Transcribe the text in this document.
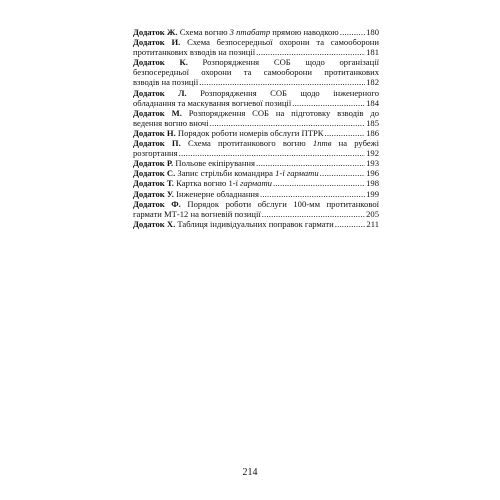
Додаток Ж. Схема вогню 3 птабатр прямою наводкою .....	180
Додаток И. Схема безпосередньої охорони та самооборони
протитанкових взводів на позиції .....	181
Додаток К. Розпорядження СОБ щодо організації
безпосередньої охорони та самооборони протитанкових
взводів на позиції .....	182
Додаток Л. Розпорядження СОБ щодо інженерного
обладнання та маскування вогневої позиції .....	184
Додаток М. Розпорядження СОБ на підготовку взводів до
ведення вогню вночі .....	185
Додаток Н. Порядок роботи номерів обслуги ПТРК .....	186
Додаток П. Схема протитанкового вогню 1птв на рубежі
розгортання .....	192
Додаток Р. Польове екіпірування .....	193
Додаток С. Запис стрільби командира 1-ї гармати .....	196
Додаток Т. Картка вогню 1-ї гармати .....	198
Додаток У. Інженерне обладнання .....	199
Додаток Ф. Порядок роботи обслуги 100-мм протитанкової
гармати МТ-12 на вогневій позиції .....	205
Додаток Х. Таблиця індивідуальних поправок гармати .....	211
214
